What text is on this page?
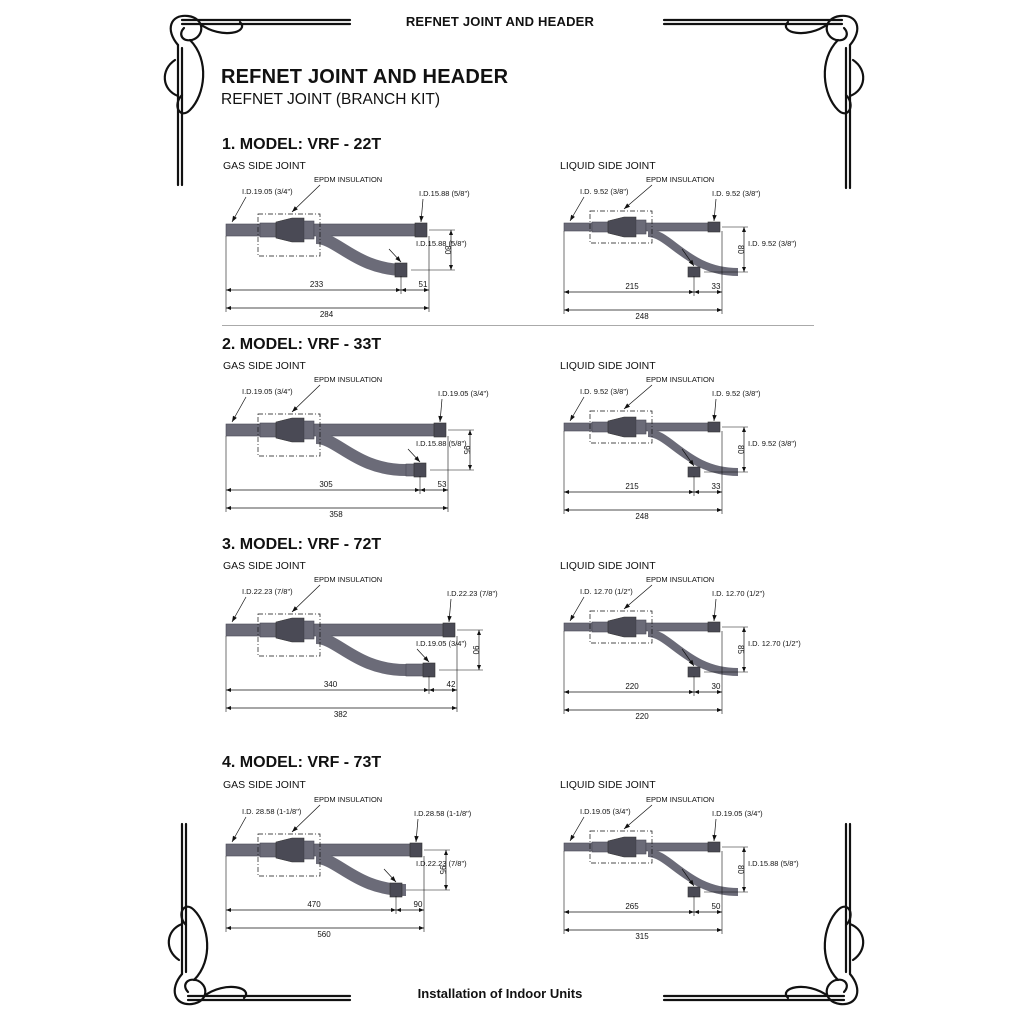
REFNET JOINT AND HEADER
REFNET JOINT AND HEADER
REFNET JOINT (BRANCH KIT)
Installation of Indoor Units
1. MODEL: VRF - 22T
GAS SIDE JOINT	LIQUID SIDE JOINT
I.D.19.05 (3/4")
EPDM INSULATION
I.D.15.88 (5/8")
I.D.15.88 (5/8")
80
233	51
284
I.D. 9.52 (3/8")
EPDM INSULATION
I.D. 9.52 (3/8")
I.D. 9.52 (3/8")
80
215	33
248
2. MODEL: VRF - 33T
GAS SIDE JOINT	LIQUID SIDE JOINT
I.D.19.05 (3/4")
EPDM INSULATION
I.D.19.05 (3/4")
I.D.15.88 (5/8")
95
305	53
358
I.D. 9.52 (3/8")
EPDM INSULATION
I.D. 9.52 (3/8")
I.D. 9.52 (3/8")
80
215	33
248
3. MODEL: VRF - 72T
GAS SIDE JOINT	LIQUID SIDE JOINT
I.D.22.23 (7/8")
EPDM INSULATION
I.D.22.23 (7/8")
I.D.19.05 (3/4")
90
340	42
382
I.D. 12.70 (1/2")
EPDM INSULATION
I.D. 12.70 (1/2")
I.D. 12.70 (1/2")
85
220	30
220
4. MODEL: VRF - 73T
GAS SIDE JOINT	LIQUID SIDE JOINT
I.D. 28.58 (1-1/8")
EPDM INSULATION
I.D.28.58 (1-1/8")
I.D.22.23 (7/8")
95
470	90
560
I.D.19.05 (3/4")
EPDM INSULATION
I.D.19.05 (3/4")
I.D.15.88 (5/8")
80
265	50
315
